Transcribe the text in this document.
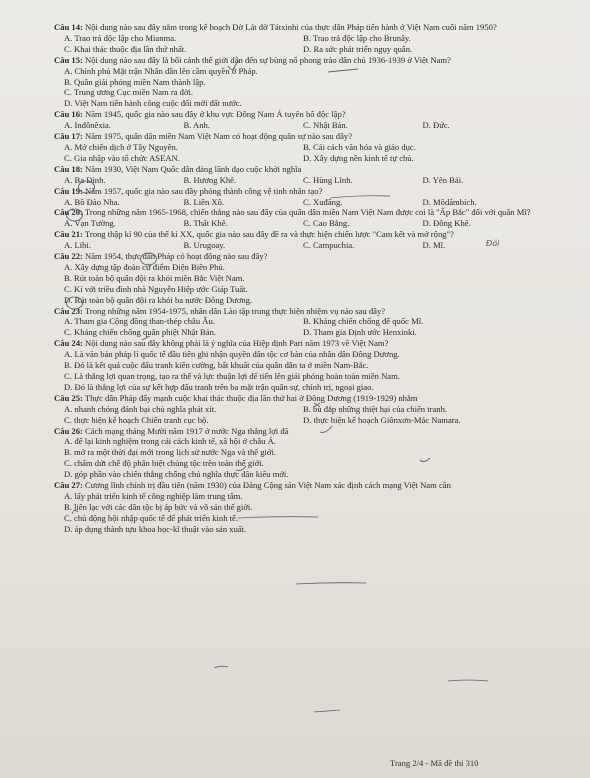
Câu 14: Nội dung nào sau đây nằm trong kế hoạch Đờ Lát đờ Tátxinhi của thực dân Pháp tiến hành ở Việt Nam cuối năm 1950?

A. Trao trả độc lập cho Mianma.	B. Trao trả độc lập cho Brunây.
C. Khai thác thuộc địa lần thứ nhất.	D. Ra sức phát triển ngụy quân.

Câu 15: Nội dung nào sau đây là bối cảnh thế giới dẫn đến sự bùng nổ phong trào dân chủ 1936-1939 ở Việt Nam?

A. Chính phủ Mặt trận Nhân dân lên cầm quyền ở Pháp.
B. Quân giải phóng miền Nam thành lập.
C. Trung ương Cục miền Nam ra đời.
D. Việt Nam tiến hành công cuộc đổi mới đất nước.

Câu 16: Năm 1945, quốc gia nào sau đây ở khu vực Đông Nam Á tuyên bố độc lập?

A. Inđônêxia.	B. Anh.	C. Nhật Bản.	D. Đức.

Câu 17: Năm 1975, quân dân miền Nam Việt Nam có hoạt động quân sự nào sau đây?

A. Mở chiến dịch ở Tây Nguyên.	B. Cải cách văn hóa và giáo dục.
C. Gia nhập vào tổ chức ASEAN.	D. Xây dựng nền kinh tế tự chủ.

Câu 18: Năm 1930, Việt Nam Quốc dân đảng lãnh đạo cuộc khởi nghĩa

A. Ba Đình.	B. Hương Khê.	C. Hùng Lĩnh.	D. Yên Bái.

Câu 19: Năm 1957, quốc gia nào sau đây phóng thành công vệ tinh nhân tạo?

A. Bồ Đào Nha.	B. Liên Xô.	C. Xuđăng.	D. Môdămbích.

Câu 20: Trong những năm 1965-1968, chiến thắng nào sau đây của quân dân miền Nam Việt Nam được coi là "Ấp Bắc" đối với quân Mĩ?

A. Vạn Tường.	B. Thất Khê.	C. Cao Bằng.	D. Đông Khê.

Câu 21: Trong thập kỉ 90 của thế kỉ XX, quốc gia nào sau đây đề ra và thực hiện chiến lược "Cam kết và mở rộng"?

A. Libi.	B. Urugoay.	C. Campuchia.	D. Mĩ.

Câu 22: Năm 1954, thực dân Pháp có hoạt động nào sau đây?

A. Xây dựng tập đoàn cứ điểm Điện Biên Phủ.
B. Rút toàn bộ quân đội ra khỏi miền Bắc Việt Nam.
C. Kí với triều đình nhà Nguyễn Hiệp ước Giáp Tuất.
D. Rút toàn bộ quân đội ra khỏi ba nước Đông Dương.

Câu 23: Trong những năm 1954-1975, nhân dân Lào tập trung thực hiện nhiệm vụ nào sau đây?

A. Tham gia Cộng đồng than-thép châu Âu.	B. Kháng chiến chống đế quốc Mĩ.
C. Kháng chiến chống quân phiệt Nhật Bản.	D. Tham gia Định ước Henxinki.

Câu 24: Nội dung nào sau đây không phải là ý nghĩa của Hiệp định Pari năm 1973 về Việt Nam?

A. Là văn bản pháp lí quốc tế đầu tiên ghi nhận quyền dân tộc cơ bản của nhân dân Đông Dương.
B. Đó là kết quả cuộc đấu tranh kiên cường, bất khuất của quân dân ta ở miền Nam-Bắc.
C. Là thắng lợi quan trọng, tạo ra thế và lực thuận lợi để tiến lên giải phóng hoàn toàn miền Nam.
D. Đó là thắng lợi của sự kết hợp đấu tranh trên ba mặt trận quân sự, chính trị, ngoại giao.

Câu 25: Thực dân Pháp đẩy mạnh cuộc khai thác thuộc địa lần thứ hai ở Đông Dương (1919-1929) nhằm

A. nhanh chóng đánh bại chủ nghĩa phát xít.	B. bù đắp những thiệt hại của chiến tranh.
C. thực hiện kế hoạch Chiến tranh cục bộ.	D. thực hiện kế hoạch Giônxơn-Mác Namara.

Câu 26: Cách mạng tháng Mười năm 1917 ở nước Nga thắng lợi đã

A. để lại kinh nghiệm trong cải cách kinh tế, xã hội ở châu Á.
B. mở ra một thời đại mới trong lịch sử nước Nga và thế giới.
C. chấm dứt chế độ phân biệt chủng tộc trên toàn thế giới.
D. góp phần vào chiến thắng chống chủ nghĩa thực dân kiểu mới.

Câu 27: Cương lĩnh chính trị đầu tiên (năm 1930) của Đảng Cộng sản Việt Nam xác định cách mạng Việt Nam cần

A. lấy phát triển kinh tế công nghiệp làm trung tâm.
B. liên lạc với các dân tộc bị áp bức và vô sản thế giới.
C. chủ động hội nhập quốc tế để phát triển kinh tế.
D. áp dụng thành tựu khoa học-kĩ thuật vào sản xuất.
Đỏi
Trang 2/4 - Mã đề thi 310
